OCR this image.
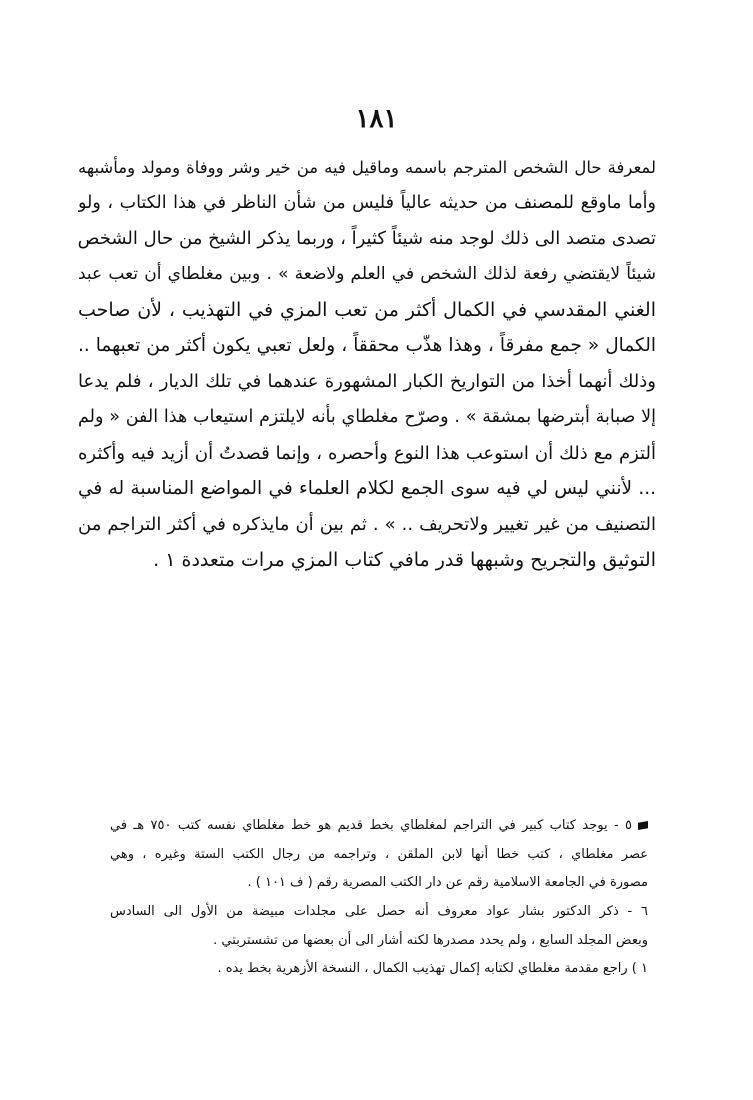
١٨١
لمعرفة حال الشخص المترجم باسمه وماقيل فيه من خير وشر ووفاة ومولد ومأشبهه
وأما ماوقع للمصنف من حديثه عالياً فليس من شأن الناظر في هذا الكتاب ، ولو
تصدى متصد الى ذلك لوجد منه شيئاً كثيراً ، وربما يذكر الشيخ من حال الشخص
شيئاً لايقتضي رفعة لذلك الشخص في العلم ولاضعة » . وبين مغلطاي أن تعب عبد
الغني المقدسي في الكمال أكثر من تعب المزي في التهذيب ، لأن صاحب
الكمال « جمع مفرقاً ، وهذا هذّب محققاً ، ولعل تعبي يكون أكثر من تعبهما ..
وذلك أنهما أخذا من التواريخ الكبار المشهورة عندهما في تلك الديار ، فلم يدعا
إلا صبابة أبترضها بمشقة » . وصرّح مغلطاي بأنه لايلتزم استيعاب هذا الفن « ولم
ألتزم مع ذلك أن استوعب هذا النوع وأحصره ، وإنما قصدتُ أن أزيد فيه وأكثره
... لأنني ليس لي فيه سوى الجمع لكلام العلماء في المواضع المناسبة له في
التصنيف من غير تغيير ولاتحريف .. » . ثم بين أن مايذكره في أكثر التراجم من
التوثيق والتجريح وشبهها قدر مافي كتاب المزي مرات متعددة ١ .
٥ - يوجد كتاب كبير في التراجم لمغلطاي بخط قديم هو خط مغلطاي نفسه كتب ٧٥٠ هـ في
عصر مغلطاي ، كتب خطا أنها لابن الملقن ، وتراجمه من رجال الكتب الستة وغيره ، وهي
مصورة في الجامعة الاسلامية رقم عن دار الكتب المصرية رقم ( ف ١٠١ ) .
٦ - ذكر الدكتور بشار عواد معروف أنه حصل على مجلدات مبيضة من الأول الى السادس
وبعض المجلد السابع ، ولم يحدد مصدرها لكنه أشار الى أن بعضها من تشستربتي .
١ ) راجع مقدمة مغلطاي لكتابه إكمال تهذيب الكمال ، النسخة الأزهرية بخط يده .
